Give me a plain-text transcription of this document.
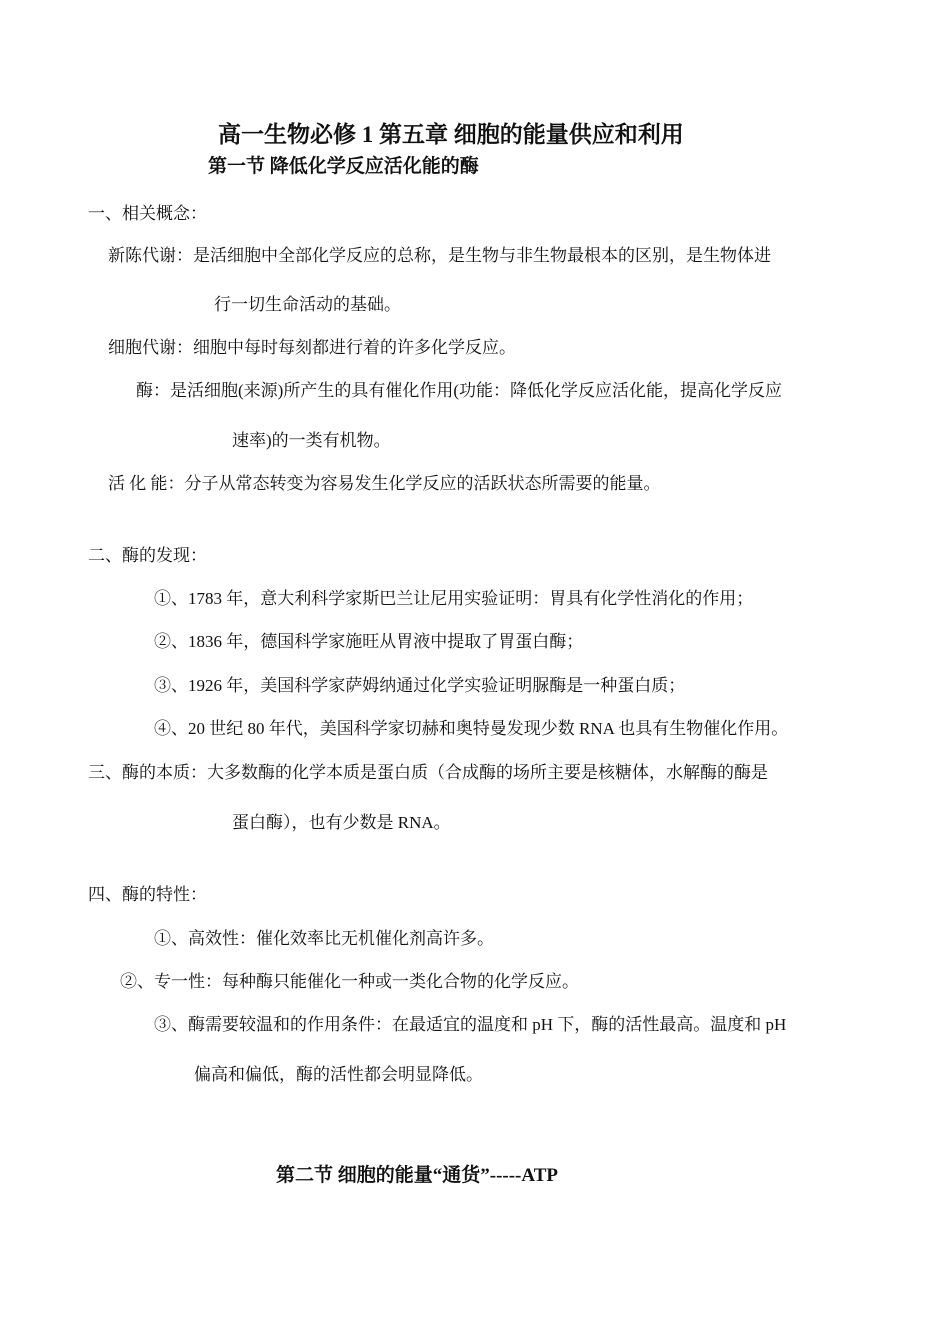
高一生物必修 1 第五章 细胞的能量供应和利用
第一节 降低化学反应活化能的酶
一、相关概念：
新陈代谢：是活细胞中全部化学反应的总称，是生物与非生物最根本的区别，是生物体进
行一切生命活动的基础。
细胞代谢：细胞中每时每刻都进行着的许多化学反应。
酶：是活细胞(来源)所产生的具有催化作用(功能：降低化学反应活化能，提高化学反应
速率)的一类有机物。
活 化 能：分子从常态转变为容易发生化学反应的活跃状态所需要的能量。
二、酶的发现：
①、1783 年，意大利科学家斯巴兰让尼用实验证明：胃具有化学性消化的作用；
②、1836 年，德国科学家施旺从胃液中提取了胃蛋白酶；
③、1926 年，美国科学家萨姆纳通过化学实验证明脲酶是一种蛋白质；
④、20 世纪 80 年代，美国科学家切赫和奥特曼发现少数 RNA 也具有生物催化作用。
三、酶的本质：大多数酶的化学本质是蛋白质（合成酶的场所主要是核糖体，水解酶的酶是
蛋白酶），也有少数是 RNA。
四、酶的特性：
①、高效性：催化效率比无机催化剂高许多。
②、专一性：每种酶只能催化一种或一类化合物的化学反应。
③、酶需要较温和的作用条件：在最适宜的温度和 pH 下，酶的活性最高。温度和 pH
偏高和偏低，酶的活性都会明显降低。
第二节 细胞的能量“通货”-----ATP
